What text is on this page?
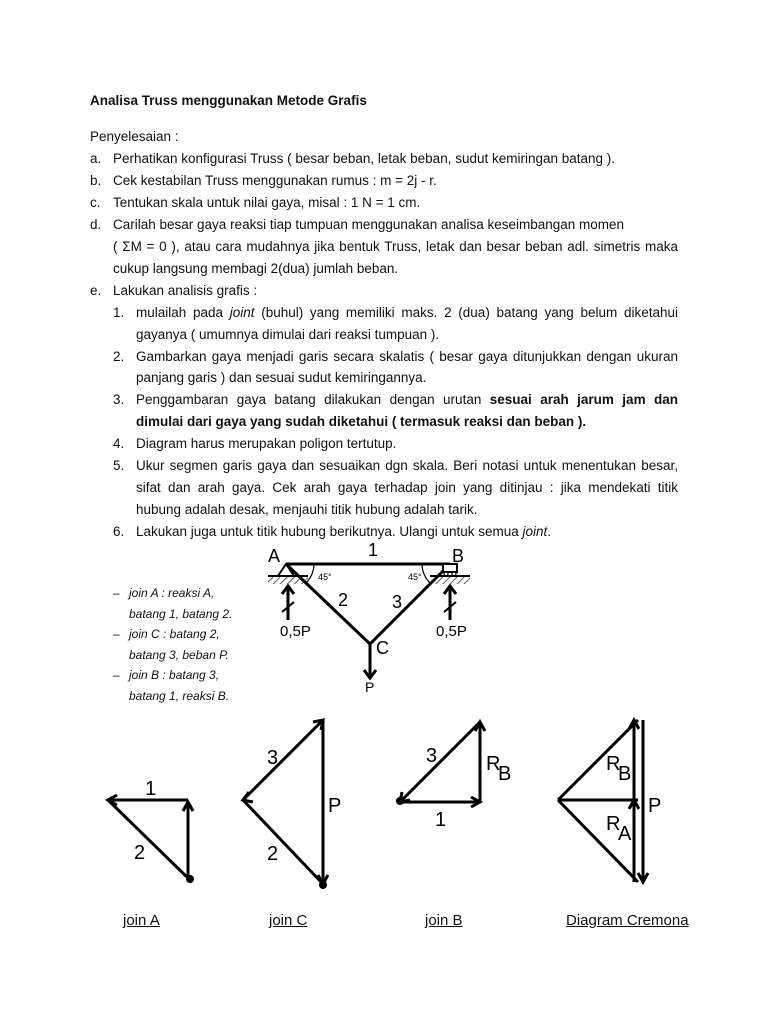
Analisa Truss menggunakan Metode Grafis
Penyelesaian :
a. Perhatikan konfigurasi Truss ( besar beban, letak beban, sudut kemiringan batang ).
b. Cek kestabilan Truss menggunakan rumus : m = 2j - r.
c. Tentukan skala untuk nilai gaya, misal : 1 N = 1 cm.
d. Carilah besar gaya reaksi tiap tumpuan menggunakan analisa keseimbangan momen
( ΣM = 0 ), atau cara mudahnya jika bentuk Truss, letak dan besar beban adl. simetris maka
cukup langsung membagi 2(dua) jumlah beban.
e. Lakukan analisis grafis :
1. mulailah pada joint (buhul) yang memiliki maks. 2 (dua) batang yang belum diketahui
gayanya ( umumnya dimulai dari reaksi tumpuan ).
2. Gambarkan gaya menjadi garis secara skalatis ( besar gaya ditunjukkan dengan ukuran
panjang garis ) dan sesuai sudut kemiringannya.
3. Penggambaran gaya batang dilakukan dengan urutan sesuai arah jarum jam dan
dimulai dari gaya yang sudah diketahui ( termasuk reaksi dan beban ).
4. Diagram harus merupakan poligon tertutup.
5. Ukur segmen garis gaya dan sesuaikan dgn skala. Beri notasi untuk menentukan besar,
sifat dan arah gaya. Cek arah gaya terhadap join yang ditinjau : jika mendekati titik
hubung adalah desak, menjauhi titik hubung adalah tarik.
6. Lakukan juga untuk titik hubung berikutnya. Ulangi untuk semua joint.
– join A : reaksi A,
batang 1, batang 2.
– join C : batang 2,
batang 3, beban P.
– join B : batang 3,
batang 1, reaksi B.
A	B
C
1
2 3
45°	45°
0,5P	0,5P
P
1
2
3
2
P
3
1
R
B	R
B
R
A
P
join A	join C	join B	Diagram Cremona
